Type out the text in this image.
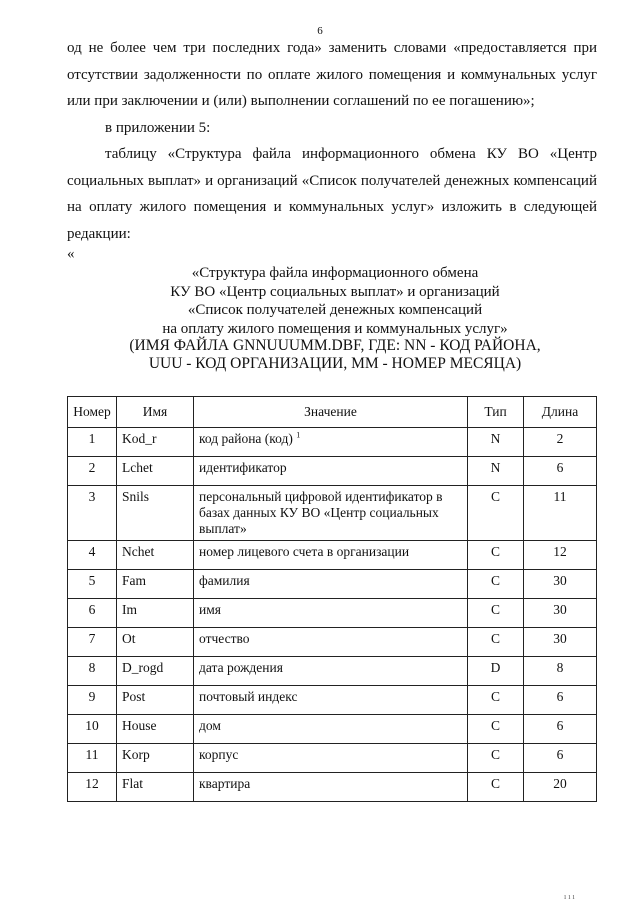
6
од не более чем три последних года» заменить словами «предоставляется при отсутствии задолженности по оплате жилого помещения и коммунальных услуг или при заключении и (или) выполнении соглашений по ее погашению»;
в приложении 5:
таблицу «Структура файла информационного обмена КУ ВО «Центр социальных выплат» и организаций «Список получателей денежных компенсаций на оплату жилого помещения и коммунальных услуг» изложить в следующей редакции:
«
«Структура файла информационного обмена
КУ ВО «Центр социальных выплат» и организаций
«Список получателей денежных компенсаций
на оплату жилого помещения и коммунальных услуг»
(ИМЯ ФАЙЛА GNNUUUMM.DBF, ГДЕ: NN - КОД РАЙОНА,
UUU - КОД ОРГАНИЗАЦИИ, MM - НОМЕР МЕСЯЦА)
Номер	Имя	Значение	Тип	Длина
1	Kod_r	код района (код) $^1$	N	2
2	Lchet	идентификатор	N	6
3	Snils	персональный цифровой идентификатор в базах данных КУ ВО «Центр социальных выплат»	C	11
4	Nchet	номер лицевого счета в организации	C	12
5	Fam	фамилия	C	30
6	Im	имя	C	30
7	Ot	отчество	C	30
8	D_rogd	дата рождения	D	8
9	Post	почтовый индекс	C	6
10	House	дом	C	6
11	Korp	корпус	C	6
12	Flat	квартира	C	20
ııı
